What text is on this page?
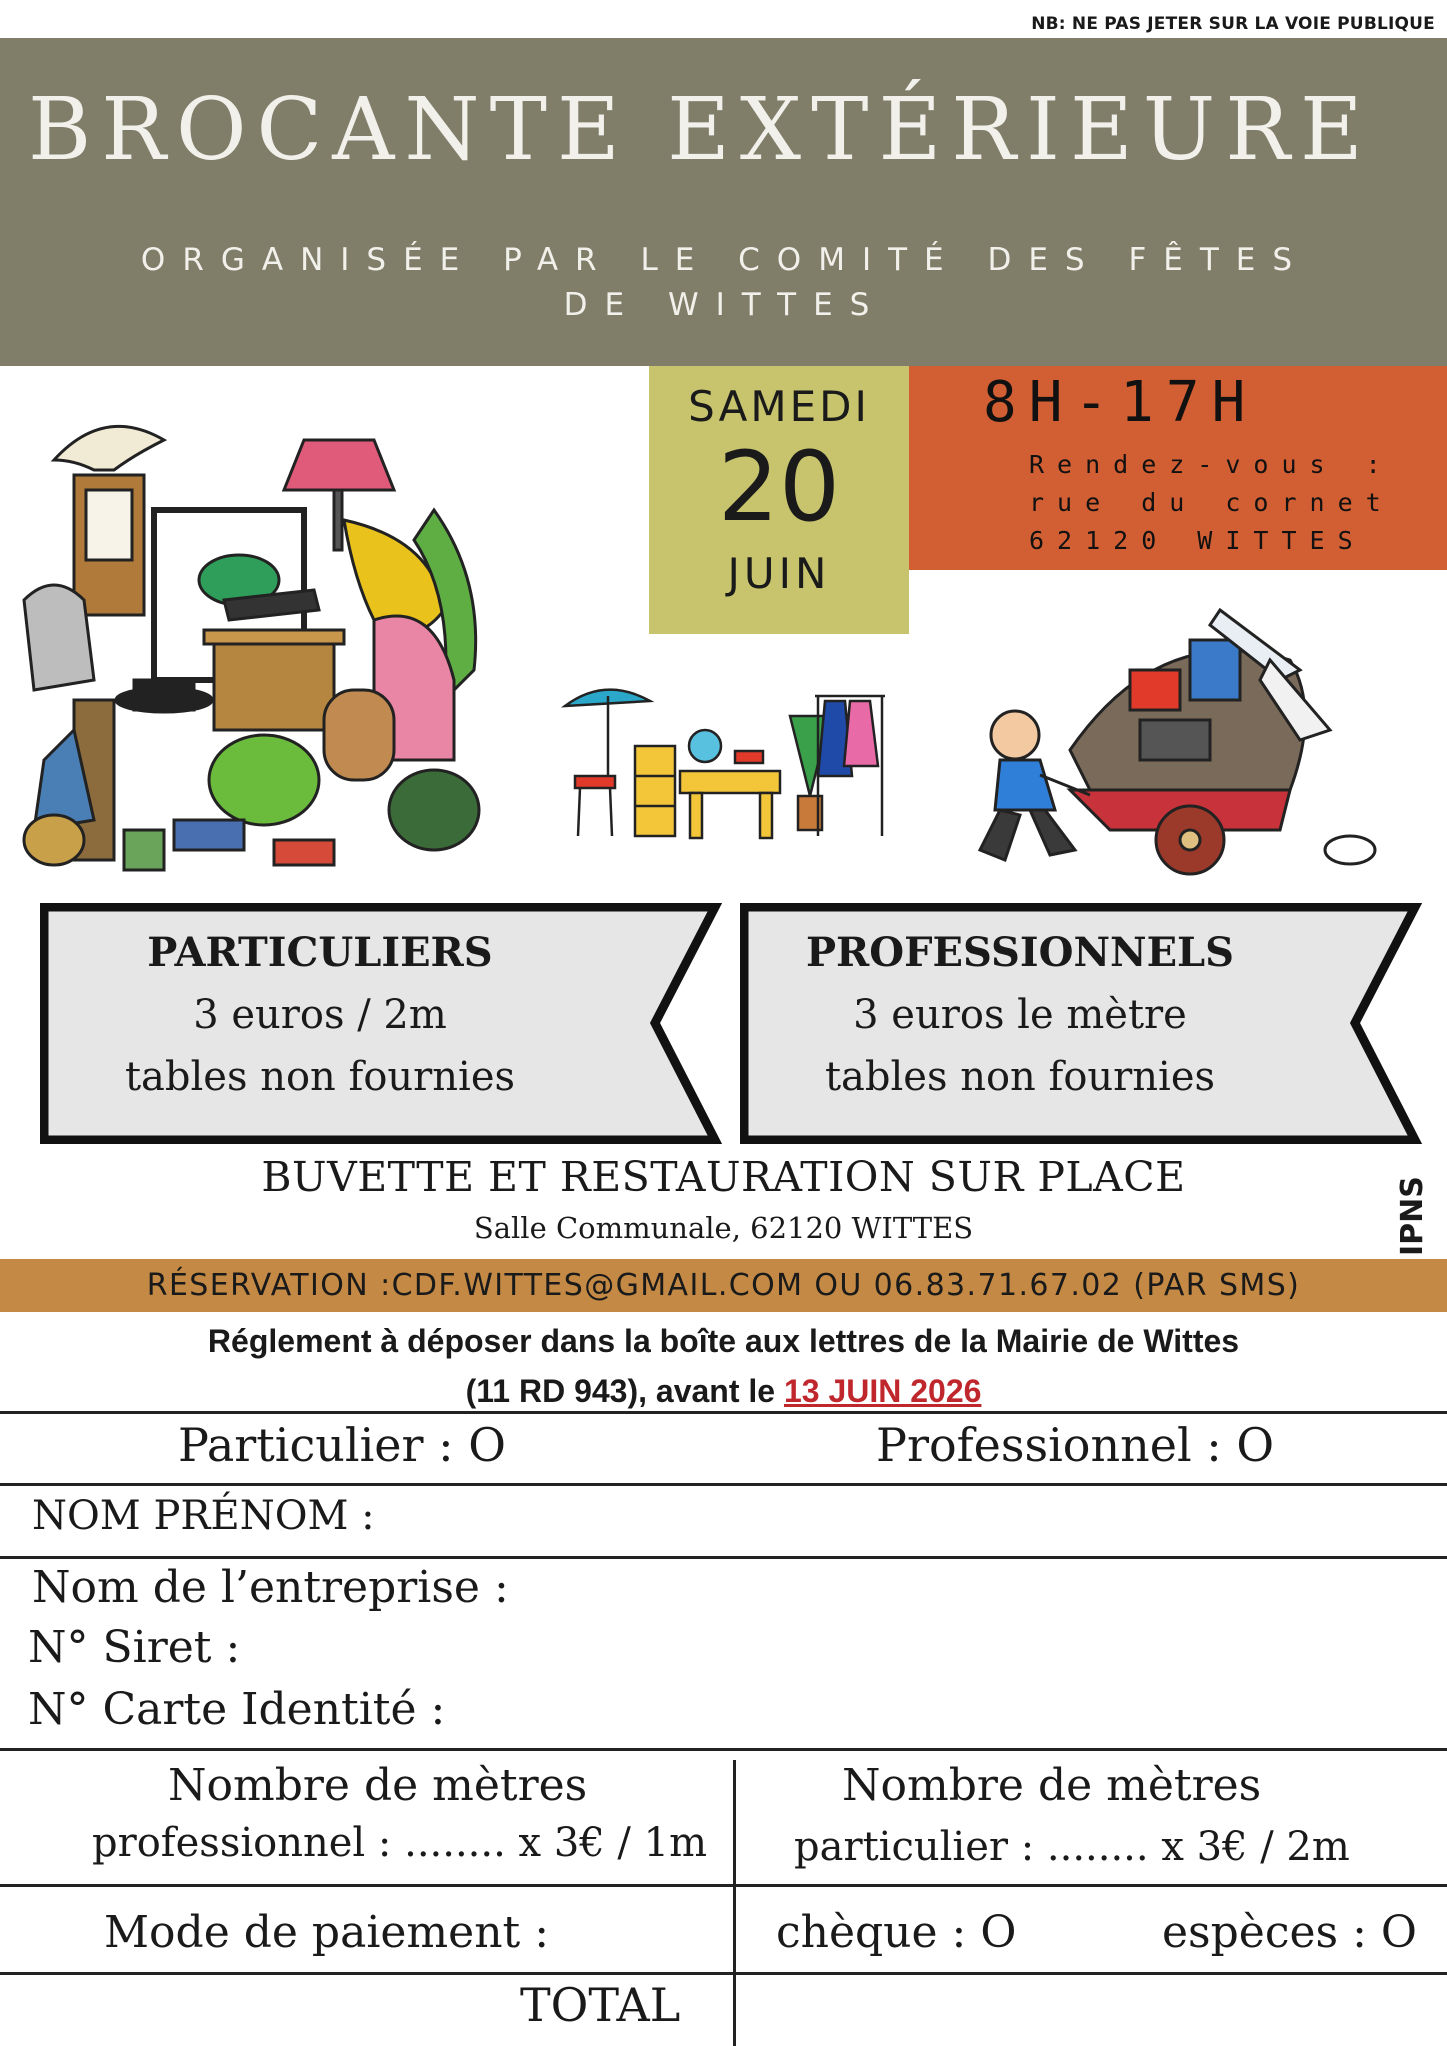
NB: NE PAS JETER SUR LA VOIE PUBLIQUE
BROCANTE EXTÉRIEURE
ORGANISÉE PAR LE COMITÉ DES FÊTES
DE WITTES
SAMEDI
20
JUIN
8H-17H
Rendez-vous :
rue du cornet
62120 WITTES
PARTICULIERS
3 euros / 2m
tables non fournies
PROFESSIONNELS
3 euros le mètre
tables non fournies
BUVETTE ET RESTAURATION SUR PLACE
Salle Communale, 62120 WITTES	IPNS
RÉSERVATION :CDF.WITTES@GMAIL.COM OU 06.83.71.67.02 (PAR SMS)
Réglement à déposer dans la boîte aux lettres de la Mairie de Wittes
(11 RD 943), avant le 13 JUIN 2026
Particulier : O	Professionnel : O
NOM PRÉNOM :
Nom de l’entreprise :
N° Siret :
N° Carte Identité :
Nombre de mètres
professionnel : ........ x 3€ / 1m
Nombre de mètres
particulier : ........ x 3€ / 2m
Mode de paiement :	chèque : O	espèces : O
TOTAL
